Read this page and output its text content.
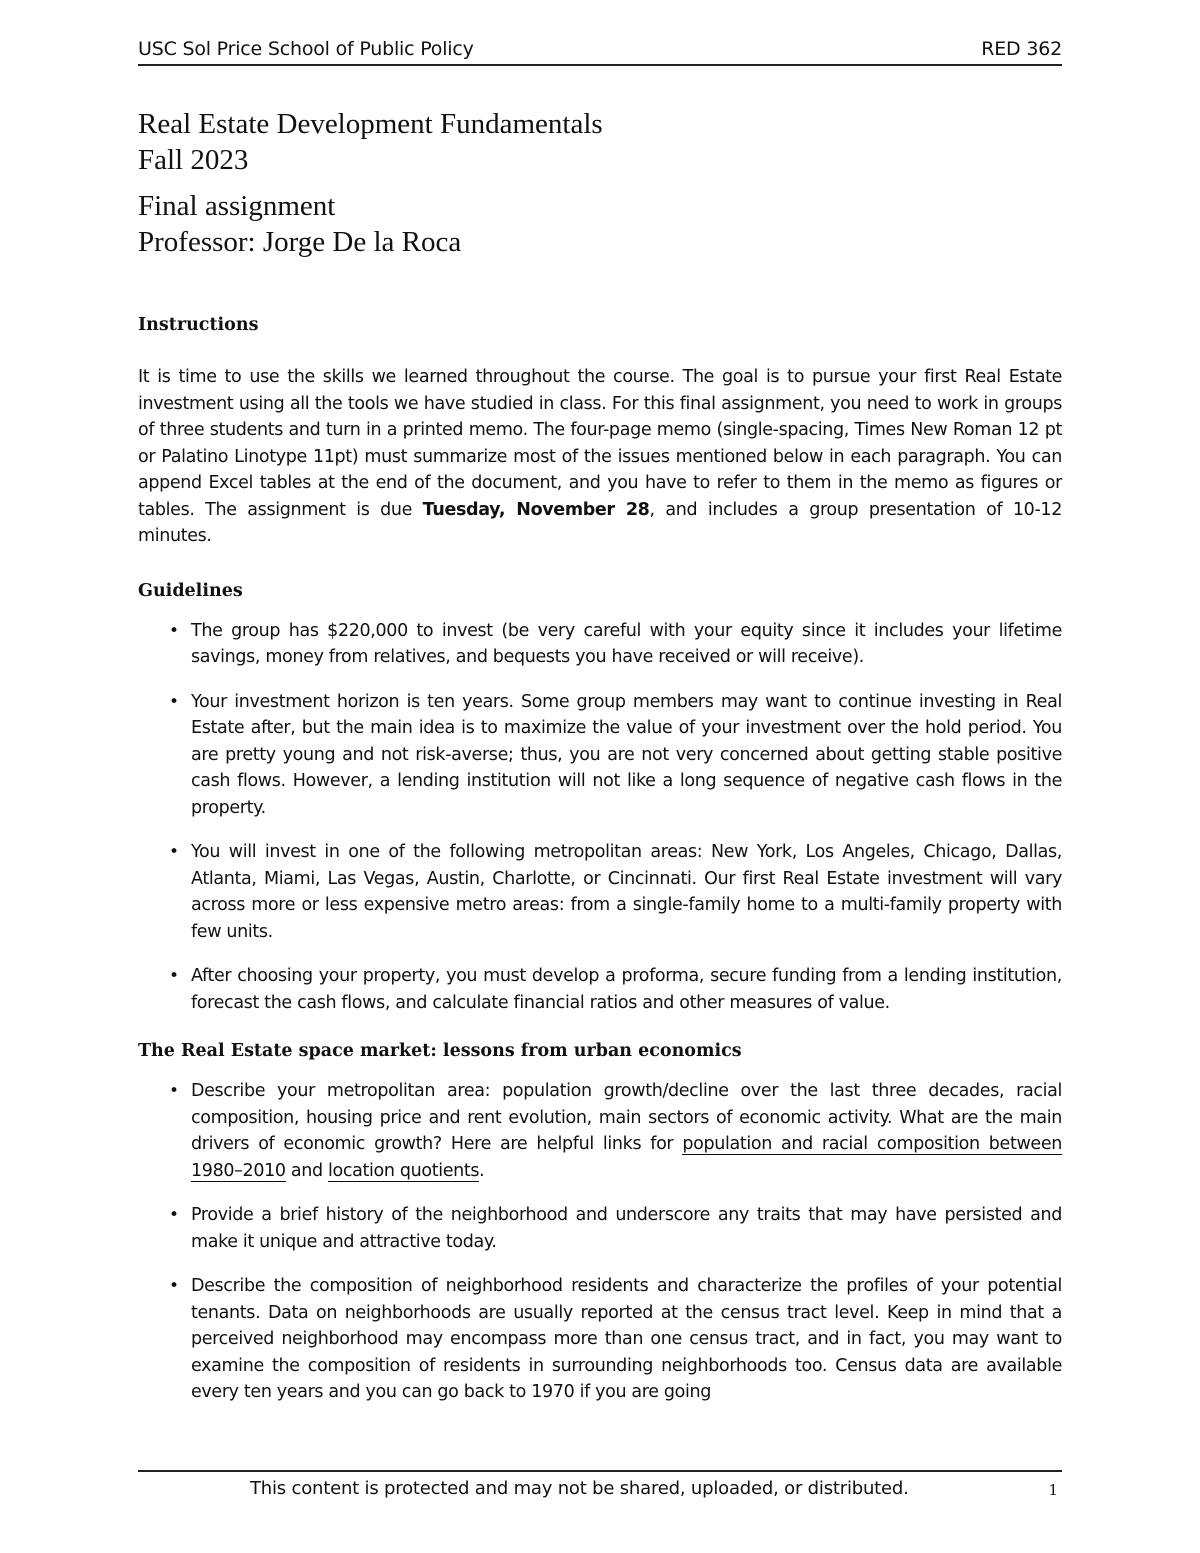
USC Sol Price School of Public Policy	RED 362
Real Estate Development Fundamentals
Fall 2023
Final assignment
Professor: Jorge De la Roca
Instructions

It is time to use the skills we learned throughout the course. The goal is to pursue your first Real Estate investment using all the tools we have studied in class. For this final assignment, you need to work in groups of three students and turn in a printed memo. The four-page memo (single-spacing, Times New Roman 12 pt or Palatino Linotype 11pt) must summarize most of the issues mentioned below in each paragraph. You can append Excel tables at the end of the document, and you have to refer to them in the memo as figures or tables. The assignment is due Tuesday, November 28, and includes a group presentation of 10-12 minutes.

Guidelines
• The group has $220,000 to invest (be very careful with your equity since it includes your lifetime savings, money from relatives, and bequests you have received or will receive).
• Your investment horizon is ten years. Some group members may want to continue investing in Real Estate after, but the main idea is to maximize the value of your investment over the hold period. You are pretty young and not risk-averse; thus, you are not very concerned about getting stable positive cash flows. However, a lending institution will not like a long sequence of negative cash flows in the property.
• You will invest in one of the following metropolitan areas: New York, Los Angeles, Chicago, Dallas, Atlanta, Miami, Las Vegas, Austin, Charlotte, or Cincinnati. Our first Real Estate investment will vary across more or less expensive metro areas: from a single-family home to a multi-family property with few units.
• After choosing your property, you must develop a proforma, secure funding from a lending institution, forecast the cash flows, and calculate financial ratios and other measures of value.
The Real Estate space market: lessons from urban economics
• Describe your metropolitan area: population growth/decline over the last three decades, racial composition, housing price and rent evolution, main sectors of economic activity. What are the main drivers of economic growth? Here are helpful links for population and racial composition between 1980–2010 and location quotients.
• Provide a brief history of the neighborhood and underscore any traits that may have persisted and make it unique and attractive today.
• Describe the composition of neighborhood residents and characterize the profiles of your potential tenants. Data on neighborhoods are usually reported at the census tract level. Keep in mind that a perceived neighborhood may encompass more than one census tract, and in fact, you may want to examine the composition of residents in surrounding neighborhoods too. Census data are available every ten years and you can go back to 1970 if you are going
This content is protected and may not be shared, uploaded, or distributed.	1
